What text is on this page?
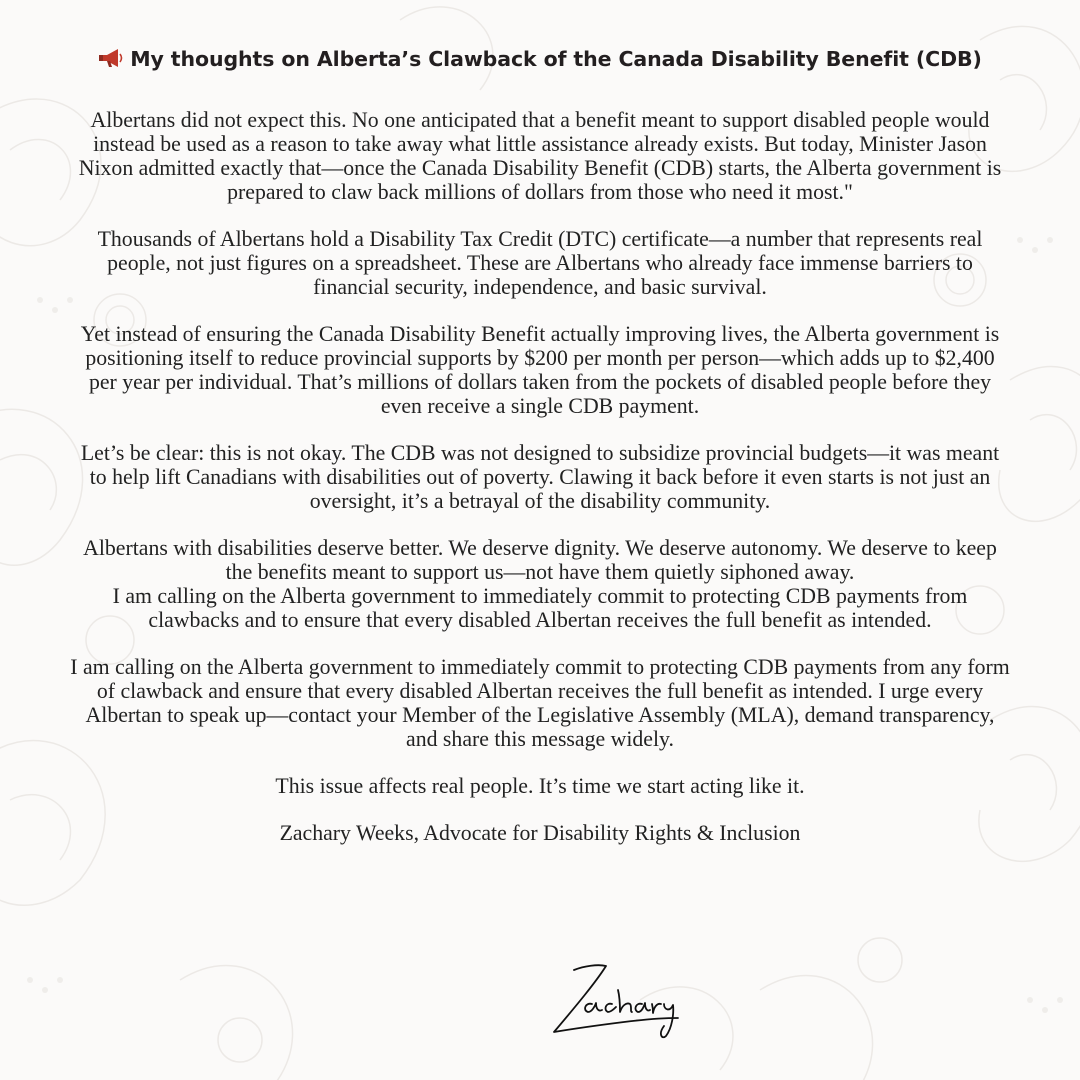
My thoughts on Alberta’s Clawback of the Canada Disability Benefit (CDB)

Albertans did not expect this. No one anticipated that a benefit meant to support disabled people would instead be used as a reason to take away what little assistance already exists. But today, Minister Jason Nixon admitted exactly that—once the Canada Disability Benefit (CDB) starts, the Alberta government is prepared to claw back millions of dollars from those who need it most."

Thousands of Albertans hold a Disability Tax Credit (DTC) certificate—a number that represents real people, not just figures on a spreadsheet. These are Albertans who already face immense barriers to financial security, independence, and basic survival.

Yet instead of ensuring the Canada Disability Benefit actually improving lives, the Alberta government is positioning itself to reduce provincial supports by $200 per month per person—which adds up to $2,400 per year per individual. That’s millions of dollars taken from the pockets of disabled people before they even receive a single CDB payment.

Let’s be clear: this is not okay. The CDB was not designed to subsidize provincial budgets—it was meant to help lift Canadians with disabilities out of poverty. Clawing it back before it even starts is not just an oversight, it’s a betrayal of the disability community.

Albertans with disabilities deserve better. We deserve dignity. We deserve autonomy. We deserve to keep the benefits meant to support us—not have them quietly siphoned away.

I am calling on the Alberta government to immediately commit to protecting CDB payments from clawbacks and to ensure that every disabled Albertan receives the full benefit as intended.

I am calling on the Alberta government to immediately commit to protecting CDB payments from any form of clawback and ensure that every disabled Albertan receives the full benefit as intended. I urge every Albertan to speak up—contact your Member of the Legislative Assembly (MLA), demand transparency, and share this message widely.

This issue affects real people. It’s time we start acting like it.

Zachary Weeks, Advocate for Disability Rights & Inclusion
